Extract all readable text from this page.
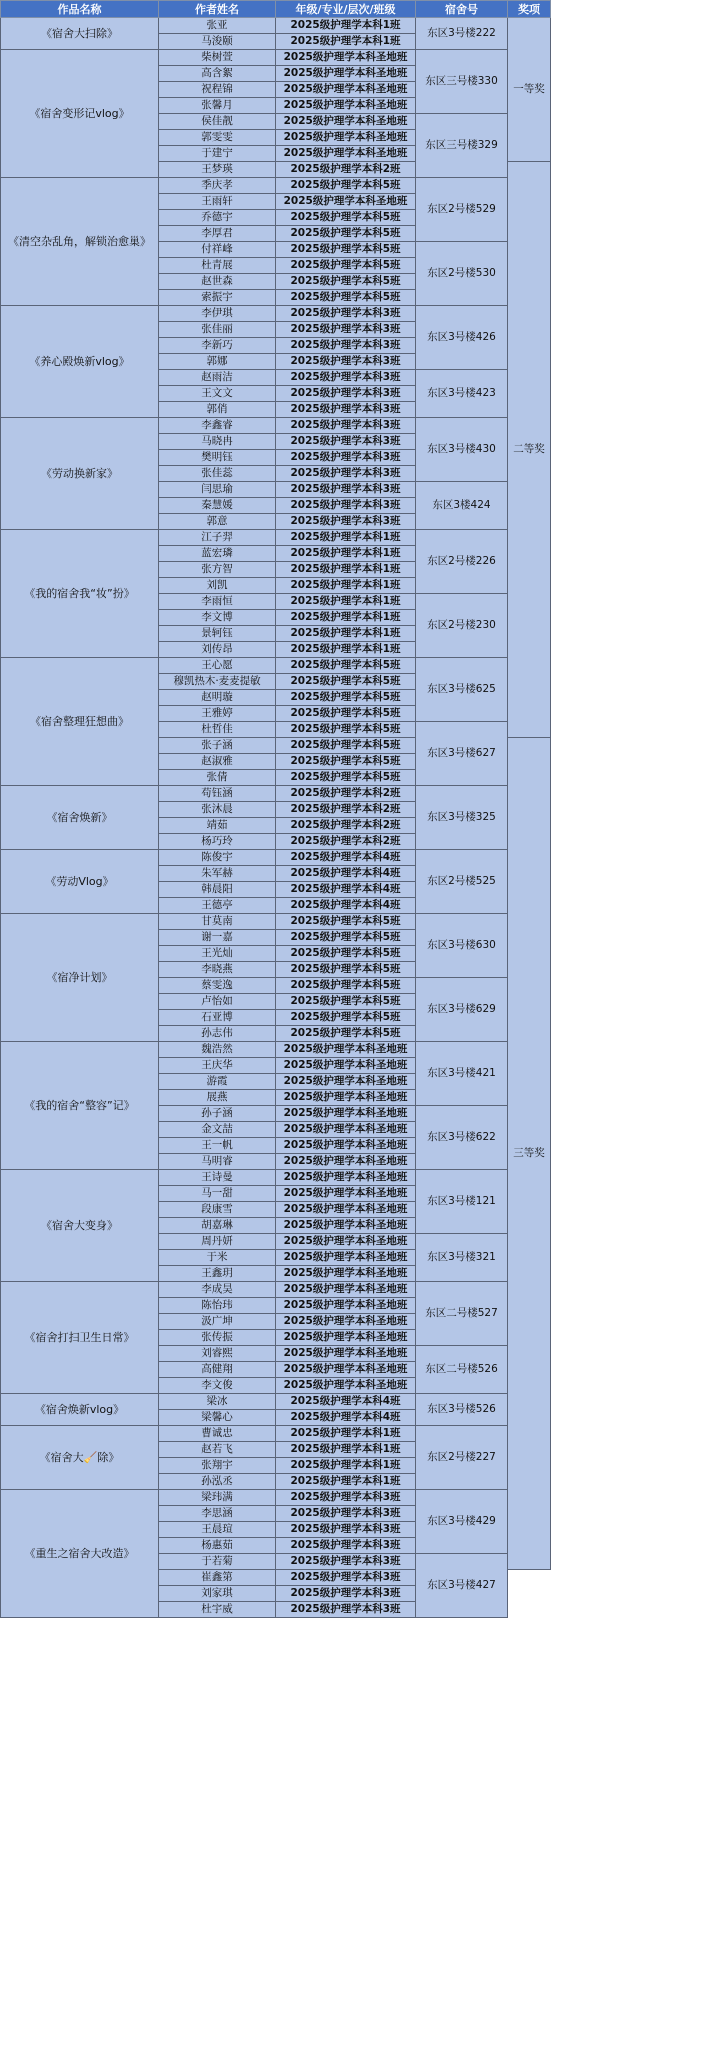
作品名称	作者姓名	年级/专业/层次/班级	宿舍号	奖项
《宿舍大扫除》	张亚	2025级护理学本科1班	东区3号楼222	一等奖
	马浚颐	2025级护理学本科1班		
《宿舍变形记vlog》	柴树萱	2025级护理学本科圣地班	东区三号楼330	
	高含絮	2025级护理学本科圣地班		
	祝程锦	2025级护理学本科圣地班		
	张馨月	2025级护理学本科圣地班		
	侯佳靓	2025级护理学本科圣地班	东区三号楼329	
	郭雯雯	2025级护理学本科圣地班		
	于建宁	2025级护理学本科圣地班		
	王梦瑛	2025级护理学本科2班		二等奖
《清空杂乱角，解锁治愈巢》	季庆孝	2025级护理学本科5班	东区2号楼529	
	王雨轩	2025级护理学本科圣地班		
	乔德宇	2025级护理学本科5班		
	李厚君	2025级护理学本科5班		
	付祥峰	2025级护理学本科5班	东区2号楼530	
	杜青展	2025级护理学本科5班		
	赵世森	2025级护理学本科5班		
	索振宇	2025级护理学本科5班		
《养心殿焕新vlog》	李伊琪	2025级护理学本科3班	东区3号楼426	
	张佳丽	2025级护理学本科3班		
	李新巧	2025级护理学本科3班		
	郭娜	2025级护理学本科3班		
	赵雨洁	2025级护理学本科3班	东区3号楼423	
	王文文	2025级护理学本科3班		
	郭俏	2025级护理学本科3班		
《劳动换新家》	李鑫睿	2025级护理学本科3班	东区3号楼430	
	马晓冉	2025级护理学本科3班		
	樊明钰	2025级护理学本科3班		
	张佳蕊	2025级护理学本科3班		
	闫思瑜	2025级护理学本科3班	东区3楼424	
	秦慧媛	2025级护理学本科3班		
	郭意	2025级护理学本科3班		
《我的宿舍我“妆”扮》	江子羿	2025级护理学本科1班	东区2号楼226	
	蓝宏璘	2025级护理学本科1班		
	张方智	2025级护理学本科1班		
	刘凯	2025级护理学本科1班		
	李雨恒	2025级护理学本科1班	东区2号楼230	
	李文博	2025级护理学本科1班		
	景轲钰	2025级护理学本科1班		
	刘传昂	2025级护理学本科1班		
《宿舍整理狂想曲》	王心愿	2025级护理学本科5班	东区3号楼625	
	穆凯热木·麦麦提敏	2025级护理学本科5班		
	赵明璇	2025级护理学本科5班		
	王雅婷	2025级护理学本科5班		
	杜哲佳	2025级护理学本科5班	东区3号楼627	
	张子涵	2025级护理学本科5班		三等奖
	赵淑雅	2025级护理学本科5班		
	张倩	2025级护理学本科5班		
《宿舍焕新》	苟钰涵	2025级护理学本科2班	东区3号楼325	
	张沐晨	2025级护理学本科2班		
	靖茹	2025级护理学本科2班		
	杨巧玲	2025级护理学本科2班		
《劳动Vlog》	陈俊宇	2025级护理学本科4班	东区2号楼525	
	朱军赫	2025级护理学本科4班		
	韩晨阳	2025级护理学本科4班		
	王德亭	2025级护理学本科4班		
《宿净计划》	甘莫南	2025级护理学本科5班	东区3号楼630	
	谢一嘉	2025级护理学本科5班		
	王光灿	2025级护理学本科5班		
	李晓燕	2025级护理学本科5班		
	蔡雯逸	2025级护理学本科5班	东区3号楼629	
	卢怡如	2025级护理学本科5班		
	石亚博	2025级护理学本科5班		
	孙志伟	2025级护理学本科5班		
《我的宿舍“整容”记》	魏浩然	2025级护理学本科圣地班	东区3号楼421	
	王庆华	2025级护理学本科圣地班		
	游霞	2025级护理学本科圣地班		
	展燕	2025级护理学本科圣地班		
	孙子涵	2025级护理学本科圣地班	东区3号楼622	
	金文喆	2025级护理学本科圣地班		
	王一帆	2025级护理学本科圣地班		
	马明睿	2025级护理学本科圣地班		
《宿舍大变身》	王诗曼	2025级护理学本科圣地班	东区3号楼121	
	马一甜	2025级护理学本科圣地班		
	段康雪	2025级护理学本科圣地班		
	胡嘉琳	2025级护理学本科圣地班		
	周丹妍	2025级护理学本科圣地班	东区3号楼321	
	于米	2025级护理学本科圣地班		
	王鑫玥	2025级护理学本科圣地班		
《宿舍打扫卫生日常》	李成昊	2025级护理学本科圣地班	东区二号楼527	
	陈怡玮	2025级护理学本科圣地班		
	汲广坤	2025级护理学本科圣地班		
	张传振	2025级护理学本科圣地班		
	刘睿熙	2025级护理学本科圣地班	东区二号楼526	
	高健翔	2025级护理学本科圣地班		
	李文俊	2025级护理学本科圣地班		
《宿舍焕新vlog》	梁冰	2025级护理学本科4班	东区3号楼526	
	梁馨心	2025级护理学本科4班		
《宿舍大🧹除》	曹诚忠	2025级护理学本科1班	东区2号楼227	
	赵若飞	2025级护理学本科1班		
	张翔宇	2025级护理学本科1班		
	孙泓丞	2025级护理学本科1班		
《重生之宿舍大改造》	梁玮满	2025级护理学本科3班	东区3号楼429	
	李思涵	2025级护理学本科3班		
	王晨瑄	2025级护理学本科3班		
	杨惠茹	2025级护理学本科3班		
	于若菊	2025级护理学本科3班	东区3号楼427	
	崔鑫第	2025级护理学本科3班		
	刘家琪	2025级护理学本科3班		
	杜宇威	2025级护理学本科3班		
